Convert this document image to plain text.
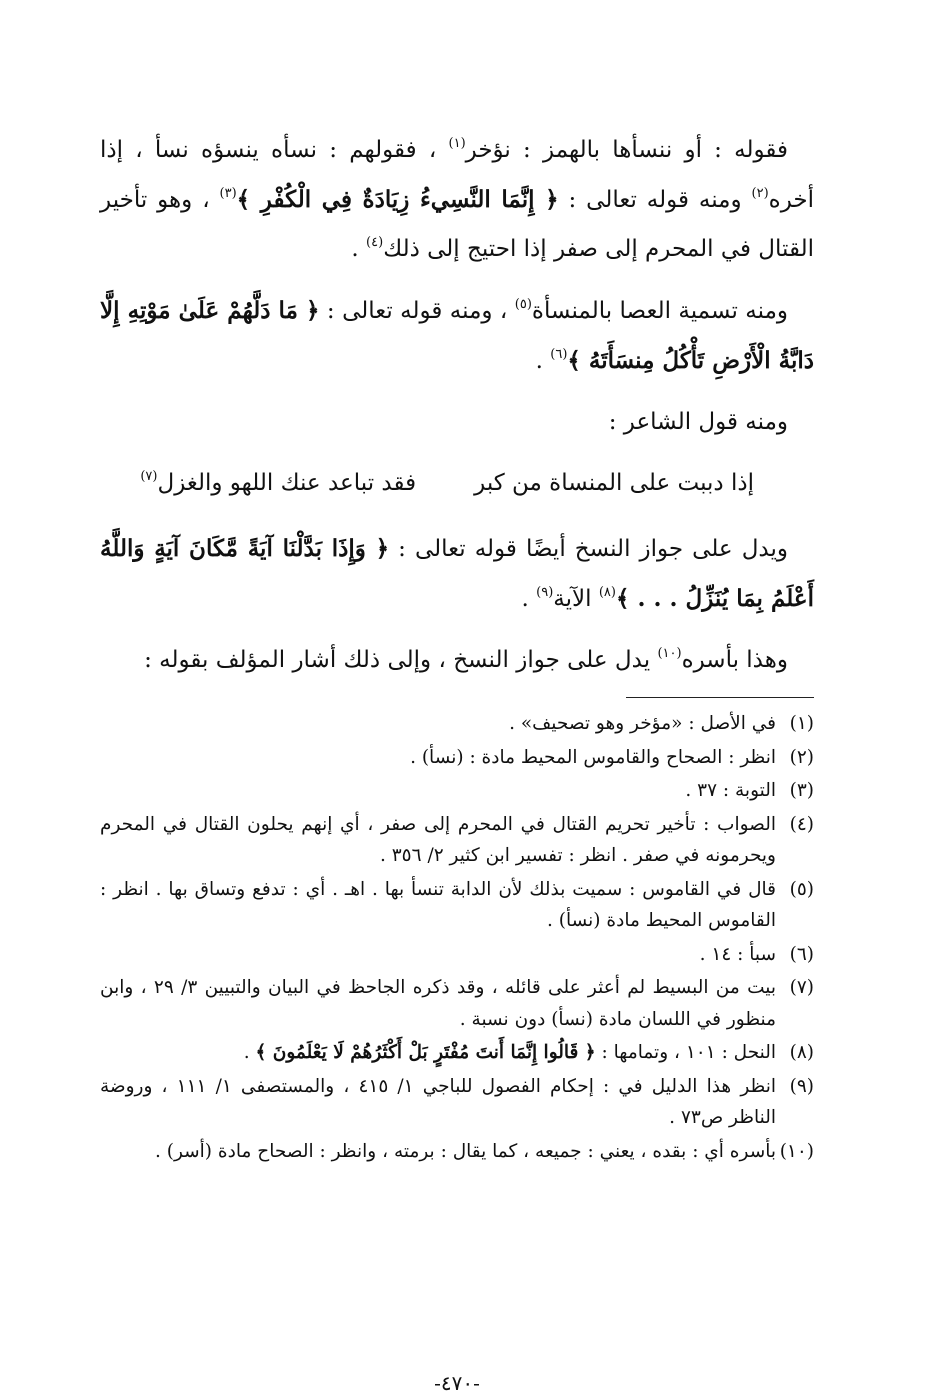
فقوله : أو ننسأها بالهمز : نؤخر$^{(١)}$ ، فقولهم : نسأه ينسؤه نسأ ، إذا أخره$^{(٢)}$ ومنه قوله تعالى : ﴿ إِنَّمَا النَّسِيءُ زِيَادَةٌ فِي الْكُفْرِ ﴾$^{(٣)}$ ، وهو تأخير القتال في المحرم إلى صفر إذا احتيج إلى ذلك$^{(٤)}$ .

ومنه تسمية العصا بالمنسأة$^{(٥)}$ ، ومنه قوله تعالى : ﴿ مَا دَلَّهُمْ عَلَىٰ مَوْتِهِ إِلَّا دَابَّةُ الْأَرْضِ تَأْكُلُ مِنسَأَتَهُ ﴾$^{(٦)}$ .

ومنه قول الشاعر :

إذا دببت على المنساة من كبر
فقد تباعد عنك اللهو والغزل$^{(٧)}$

ويدل على جواز النسخ أيضًا قوله تعالى : ﴿ وَإِذَا بَدَّلْنَا آيَةً مَّكَانَ آيَةٍ وَاللَّهُ أَعْلَمُ بِمَا يُنَزِّلُ . . . ﴾$^{(٨)}$ الآية$^{(٩)}$ .

وهذا بأسره$^{(١٠)}$ يدل على جواز النسخ ، وإلى ذلك أشار المؤلف بقوله :

(١)
في الأصل : «مؤخر وهو تصحيف» .
(٢)
انظر : الصحاح والقاموس المحيط مادة : (نسأ) .
(٣)
التوبة : ٣٧ .
(٤)
الصواب : تأخير تحريم القتال في المحرم إلى صفر ، أي إنهم يحلون القتال في المحرم ويحرمونه في صفر . انظر : تفسير ابن كثير ٢/ ٣٥٦ .
(٥)
قال في القاموس : سميت بذلك لأن الدابة تنسأ بها . اهـ . أي : تدفع وتساق بها . انظر : القاموس المحيط مادة (نسأ) .
(٦)
سبأ : ١٤ .
(٧)
بيت من البسيط لم أعثر على قائله ، وقد ذكره الجاحظ في البيان والتبيين ٣/ ٢٩ ، وابن منظور في اللسان مادة (نسأ) دون نسبة .
(٨)
النحل : ١٠١ ، وتمامها : ﴿ قَالُوا إِنَّمَا أَنتَ مُفْتَرٍ بَلْ أَكْثَرُهُمْ لَا يَعْلَمُونَ ﴾ .
(٩)
انظر هذا الدليل في : إحكام الفصول للباجي ١/ ٤١٥ ، والمستصفى ١/ ١١١ ، وروضة الناظر ص٧٣ .
(١٠)
بأسره أي : بقده ، يعني : جميعه ، كما يقال : برمته ، وانظر : الصحاح مادة (أسر) .
-٤٧٠-
